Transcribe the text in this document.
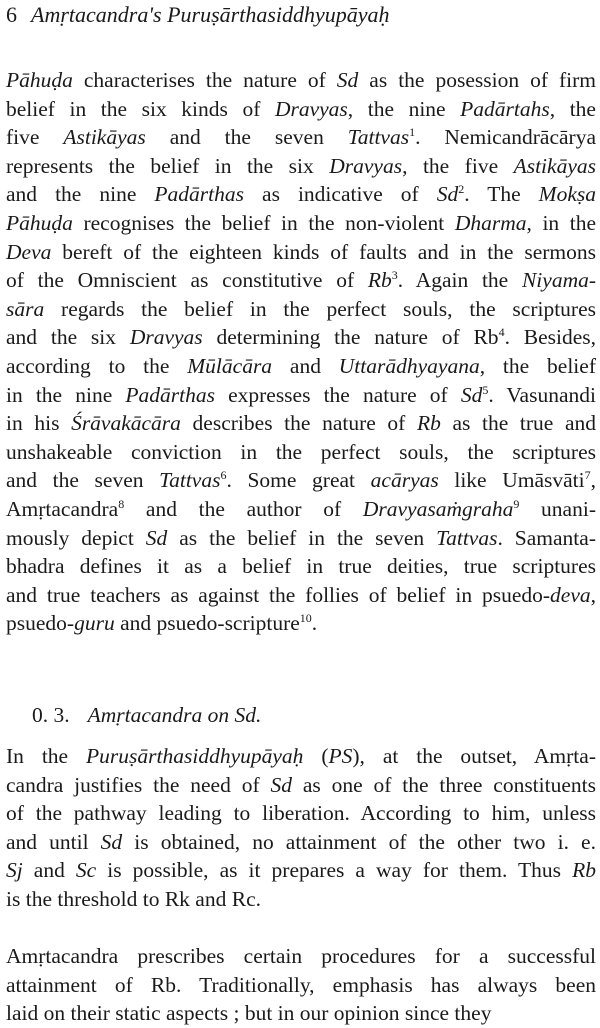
6 Amṛtacandra's Puruṣārthasiddhyupāyaḥ
Pāhuḍa characterises the nature of Sd as the posession of firm
belief in the six kinds of Dravyas, the nine Padārtahs, the
five Astikāyas and the seven Tattvas$^1$. Nemicandrācārya
represents the belief in the six Dravyas, the five Astikāyas
and the nine Padārthas as indicative of Sd$^2$. The Mokṣa
Pāhuḍa recognises the belief in the non-violent Dharma, in the
Deva bereft of the eighteen kinds of faults and in the sermons
of the Omniscient as constitutive of Rb$^3$. Again the Niyama-
sāra regards the belief in the perfect souls, the scriptures
and the six Dravyas determining the nature of Rb$^4$. Besides,
according to the Mūlācāra and Uttarādhyayana, the belief
in the nine Padārthas expresses the nature of Sd$^5$. Vasunandi
in his Śrāvakācāra describes the nature of Rb as the true and
unshakeable conviction in the perfect souls, the scriptures
and the seven Tattvas$^6$. Some great acāryas like Umāsvāti$^7$,
Amṛtacandra$^8$ and the author of Dravyasaṁgraha$^9$ unani-
mously depict Sd as the belief in the seven Tattvas. Samanta-
bhadra defines it as a belief in true deities, true scriptures
and true teachers as against the follies of belief in psuedo-deva,
psuedo-guru and psuedo-scripture$^{10}$.
0. 3. Amṛtacandra on Sd.
In the Puruṣārthasiddhyupāyaḥ (PS), at the outset, Amṛta-
candra justifies the need of Sd as one of the three constituents
of the pathway leading to liberation. According to him, unless
and until Sd is obtained, no attainment of the other two i. e.
Sj and Sc is possible, as it prepares a way for them. Thus Rb
is the threshold to Rk and Rc.
Amṛtacandra prescribes certain procedures for a successful
attainment of Rb. Traditionally, emphasis has always been
laid on their static aspects ; but in our opinion since they
